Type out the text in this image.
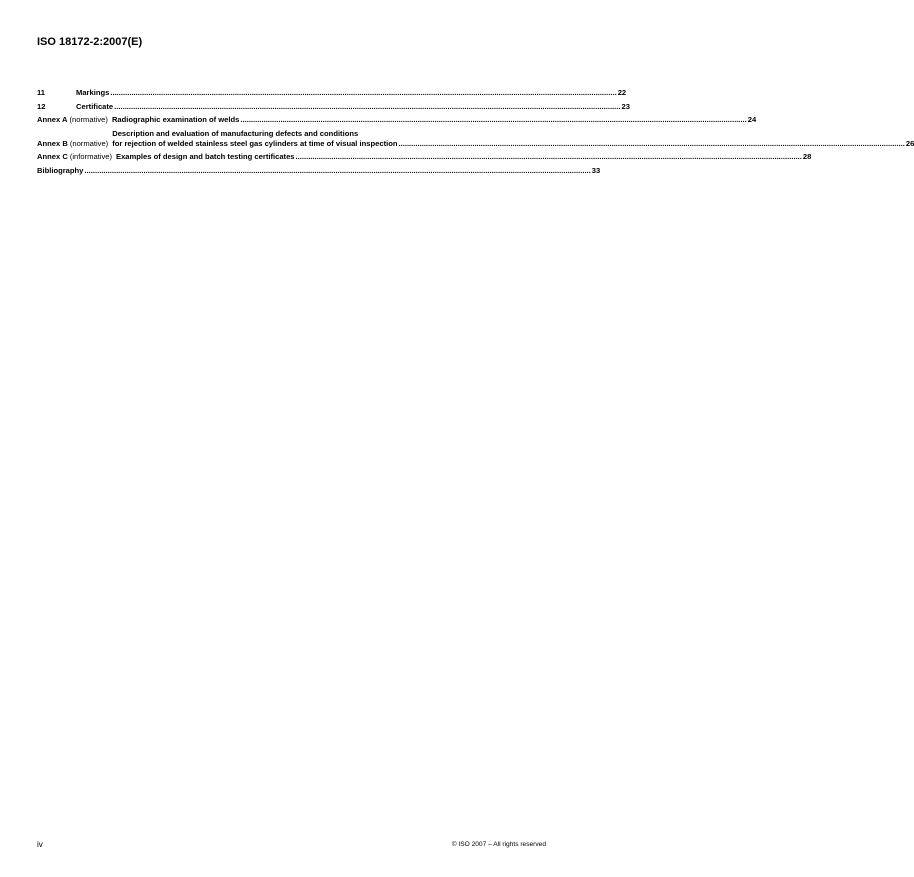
ISO 18172-2:2007(E)
11	Markings .....	22
12	Certificate .....	23
Annex A (normative) Radiographic examination of welds .....	24
Annex B (normative)
Description and evaluation of manufacturing defects and conditions
for rejection of welded stainless steel gas cylinders at time of visual inspection .....	26
Annex C (informative) Examples of design and batch testing certificates .....	28
Bibliography .....	33
iv	© ISO 2007 – All rights reserved
